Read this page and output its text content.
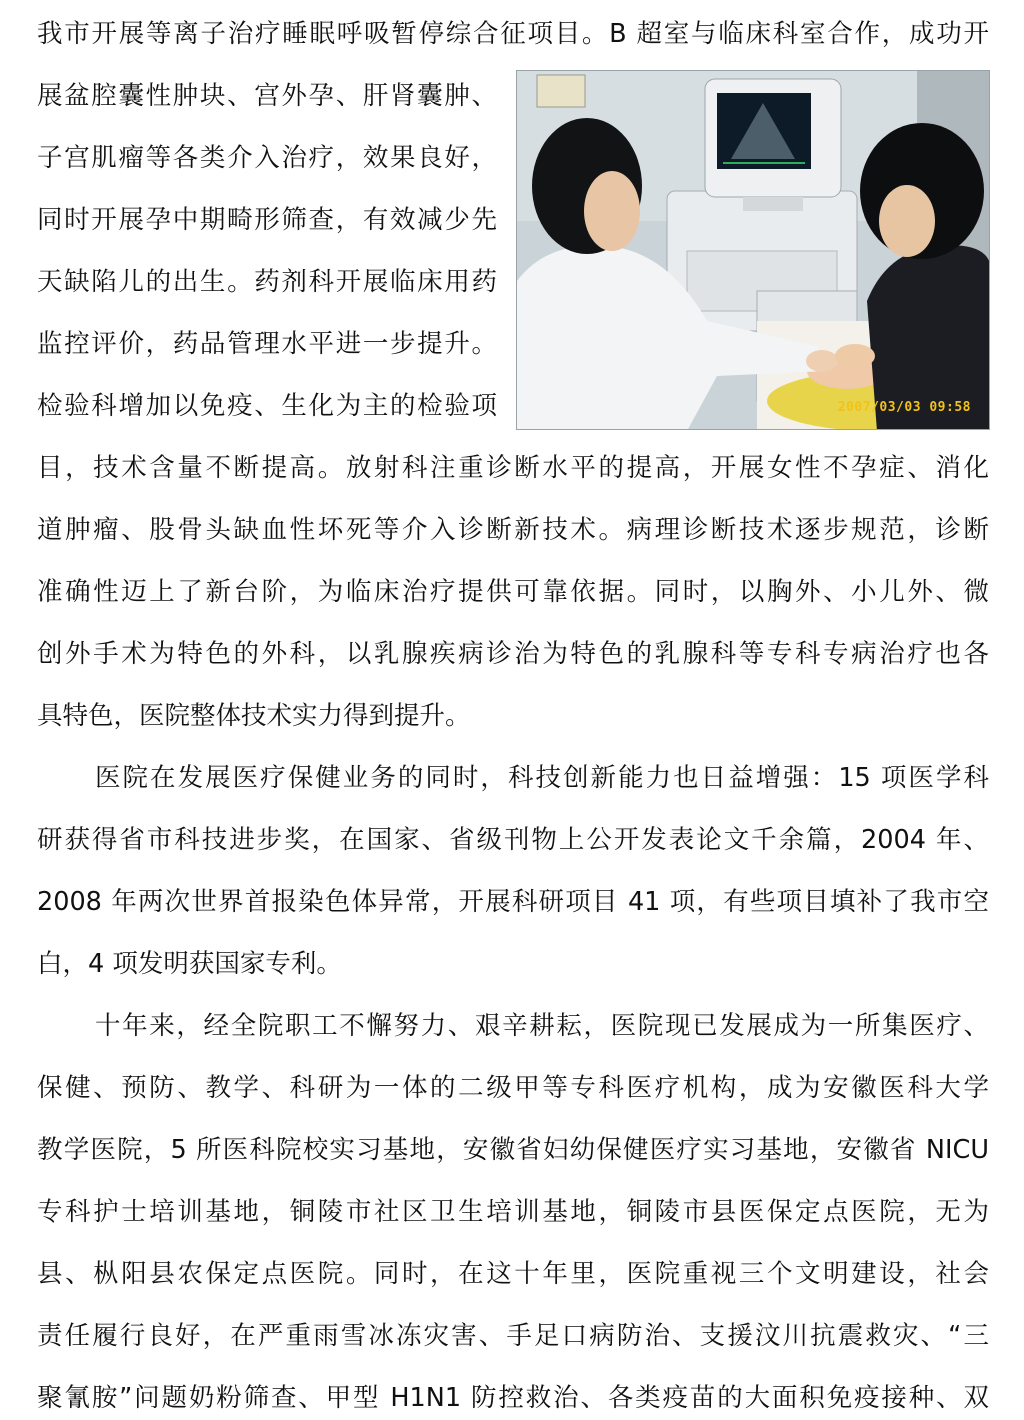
我市开展等离子治疗睡眠呼吸暂停综合征项目。B 超室与临床科室合作，成功开
展盆腔囊性肿块、宫外孕、肝肾囊肿、
子宫肌瘤等各类介入治疗，效果良好，
同时开展孕中期畸形筛查，有效减少先
天缺陷儿的出生。药剂科开展临床用药
监控评价，药品管理水平进一步提升。
检验科增加以免疫、生化为主的检验项
目，技术含量不断提高。放射科注重诊断水平的提高，开展女性不孕症、消化
道肿瘤、股骨头缺血性坏死等介入诊断新技术。病理诊断技术逐步规范，诊断
准确性迈上了新台阶，为临床治疗提供可靠依据。同时，以胸外、小儿外、微
创外手术为特色的外科，以乳腺疾病诊治为特色的乳腺科等专科专病治疗也各
具特色，医院整体技术实力得到提升。
医院在发展医疗保健业务的同时，科技创新能力也日益增强：15 项医学科
研获得省市科技进步奖，在国家、省级刊物上公开发表论文千余篇，2004 年、
2008 年两次世界首报染色体异常，开展科研项目 41 项，有些项目填补了我市空
白，4 项发明获国家专利。
十年来，经全院职工不懈努力、艰辛耕耘，医院现已发展成为一所集医疗、
保健、预防、教学、科研为一体的二级甲等专科医疗机构，成为安徽医科大学
教学医院，5 所医科院校实习基地，安徽省妇幼保健医疗实习基地，安徽省 NICU
专科护士培训基地，铜陵市社区卫生培训基地，铜陵市县医保定点医院，无为
县、枞阳县农保定点医院。同时，在这十年里，医院重视三个文明建设，社会
责任履行良好，在严重雨雪冰冻灾害、手足口病防治、支援汶川抗震救灾、“三
聚氰胺”问题奶粉筛查、甲型 H1N1 防控救治、各类疫苗的大面积免疫接种、双
2007/03/03 09:58
